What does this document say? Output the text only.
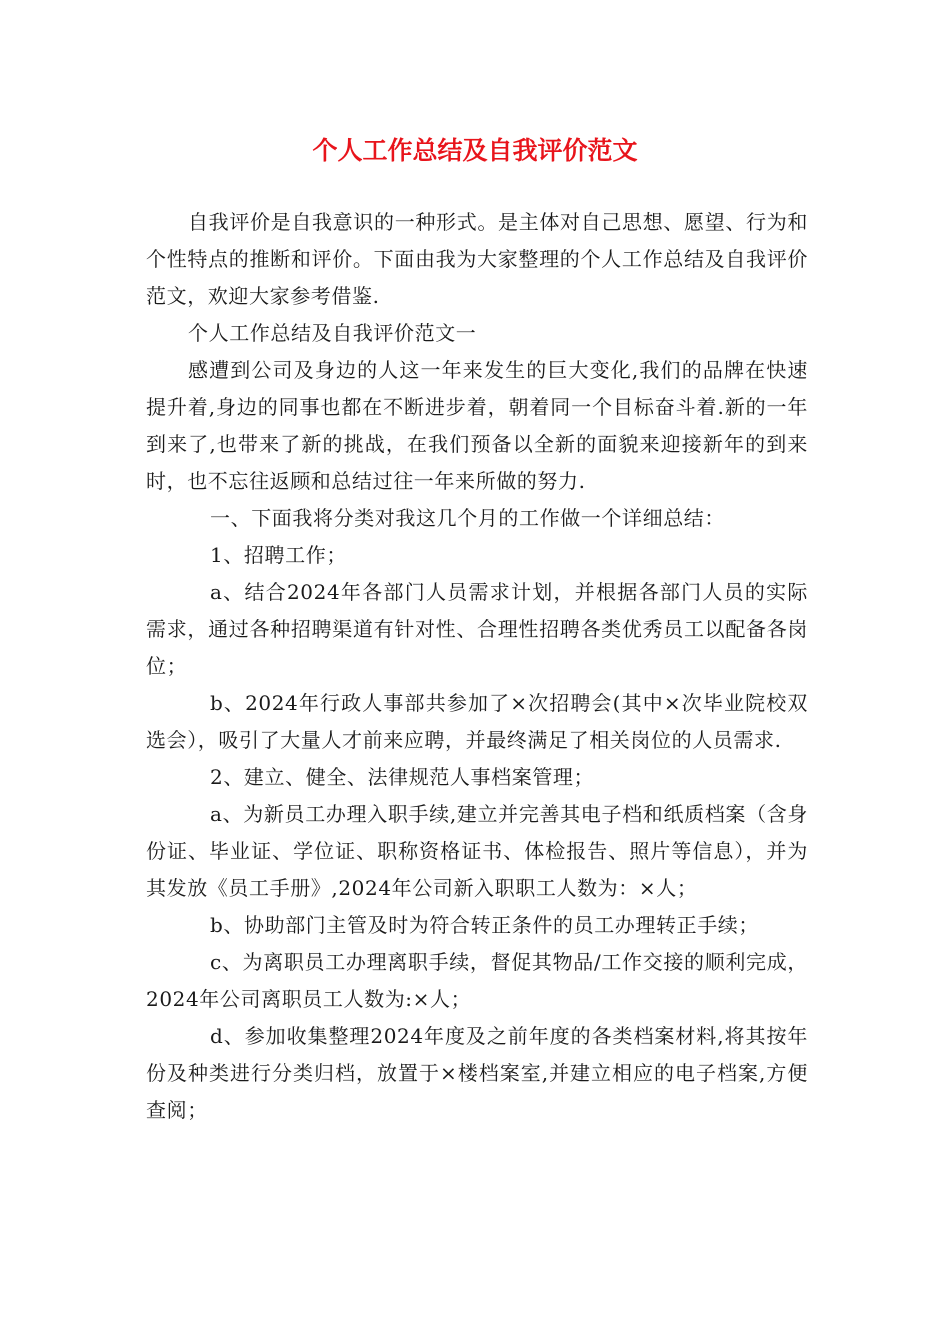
个人工作总结及自我评价范文

自我评价是自我意识的一种形式。是主体对自己思想、愿望、行为和个性特点的推断和评价。下面由我为大家整理的个人工作总结及自我评价范文，欢迎大家参考借鉴.

个人工作总结及自我评价范文一

感遭到公司及身边的人这一年来发生的巨大变化,我们的品牌在快速提升着,身边的同事也都在不断进步着，朝着同一个目标奋斗着.新的一年到来了,也带来了新的挑战，在我们预备以全新的面貌来迎接新年的到来时，也不忘往返顾和总结过往一年来所做的努力.

一、下面我将分类对我这几个月的工作做一个详细总结：

1、招聘工作；

a、结合2024年各部门人员需求计划，并根据各部门人员的实际需求，通过各种招聘渠道有针对性、合理性招聘各类优秀员工以配备各岗位；

b、2024年行政人事部共参加了×次招聘会(其中×次毕业院校双选会），吸引了大量人才前来应聘，并最终满足了相关岗位的人员需求.

2、建立、健全、法律规范人事档案管理；

a、为新员工办理入职手续,建立并完善其电子档和纸质档案（含身份证、毕业证、学位证、职称资格证书、体检报告、照片等信息），并为其发放《员工手册》,2024年公司新入职职工人数为：×人；

b、协助部门主管及时为符合转正条件的员工办理转正手续；

c、为离职员工办理离职手续，督促其物品/工作交接的顺利完成，2024年公司离职员工人数为:×人；

d、参加收集整理2024年度及之前年度的各类档案材料,将其按年份及种类进行分类归档，放置于×楼档案室,并建立相应的电子档案,方便查阅；
